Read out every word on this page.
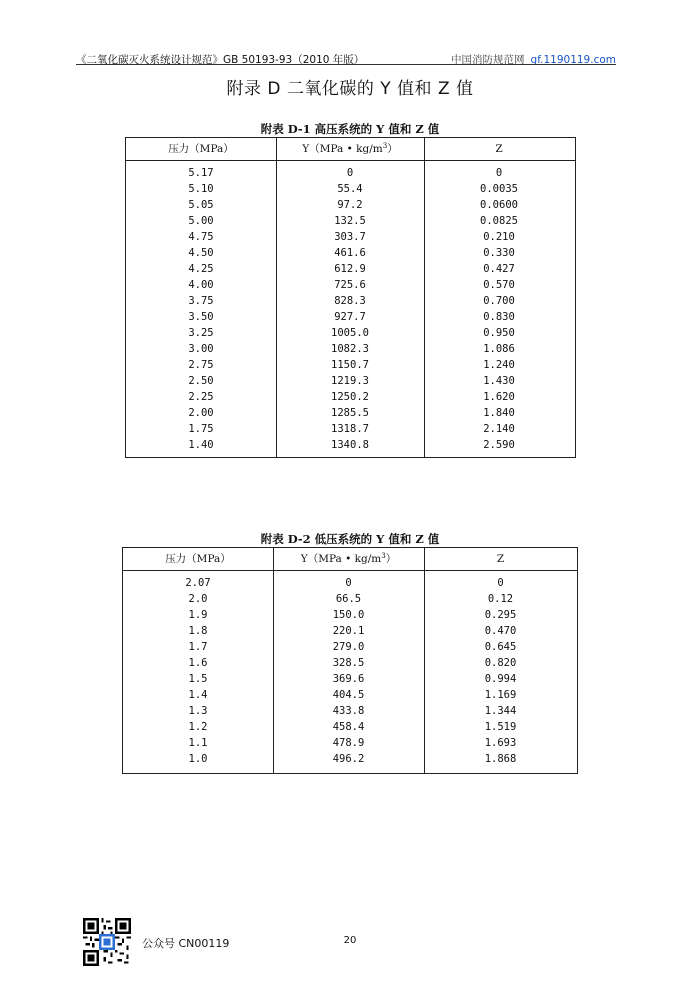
《二氧化碳灭火系统设计规范》GB 50193-93（2010 年版）	中国消防规范网 gf.1190119.com
附录 D 二氧化碳的 Y 值和 Z 值
附表 D-1 高压系统的 Y 值和 Z 值
压力（MPa）	Y（MPa • $kg/m^3$）	Z
5.17	0	0
5.10	55.4	0.0035
5.05	97.2	0.0600
5.00	132.5	0.0825
4.75	303.7	0.210
4.50	461.6	0.330
4.25	612.9	0.427
4.00	725.6	0.570
3.75	828.3	0.700
3.50	927.7	0.830
3.25	1005.0	0.950
3.00	1082.3	1.086
2.75	1150.7	1.240
2.50	1219.3	1.430
2.25	1250.2	1.620
2.00	1285.5	1.840
1.75	1318.7	2.140
1.40	1340.8	2.590
附表 D-2 低压系统的 Y 值和 Z 值
压力（MPa）	Y（MPa • $kg/m^3$）	Z
2.07	0	0
2.0	66.5	0.12
1.9	150.0	0.295
1.8	220.1	0.470
1.7	279.0	0.645
1.6	328.5	0.820
1.5	369.6	0.994
1.4	404.5	1.169
1.3	433.8	1.344
1.2	458.4	1.519
1.1	478.9	1.693
1.0	496.2	1.868
公众号 CN00119	20
